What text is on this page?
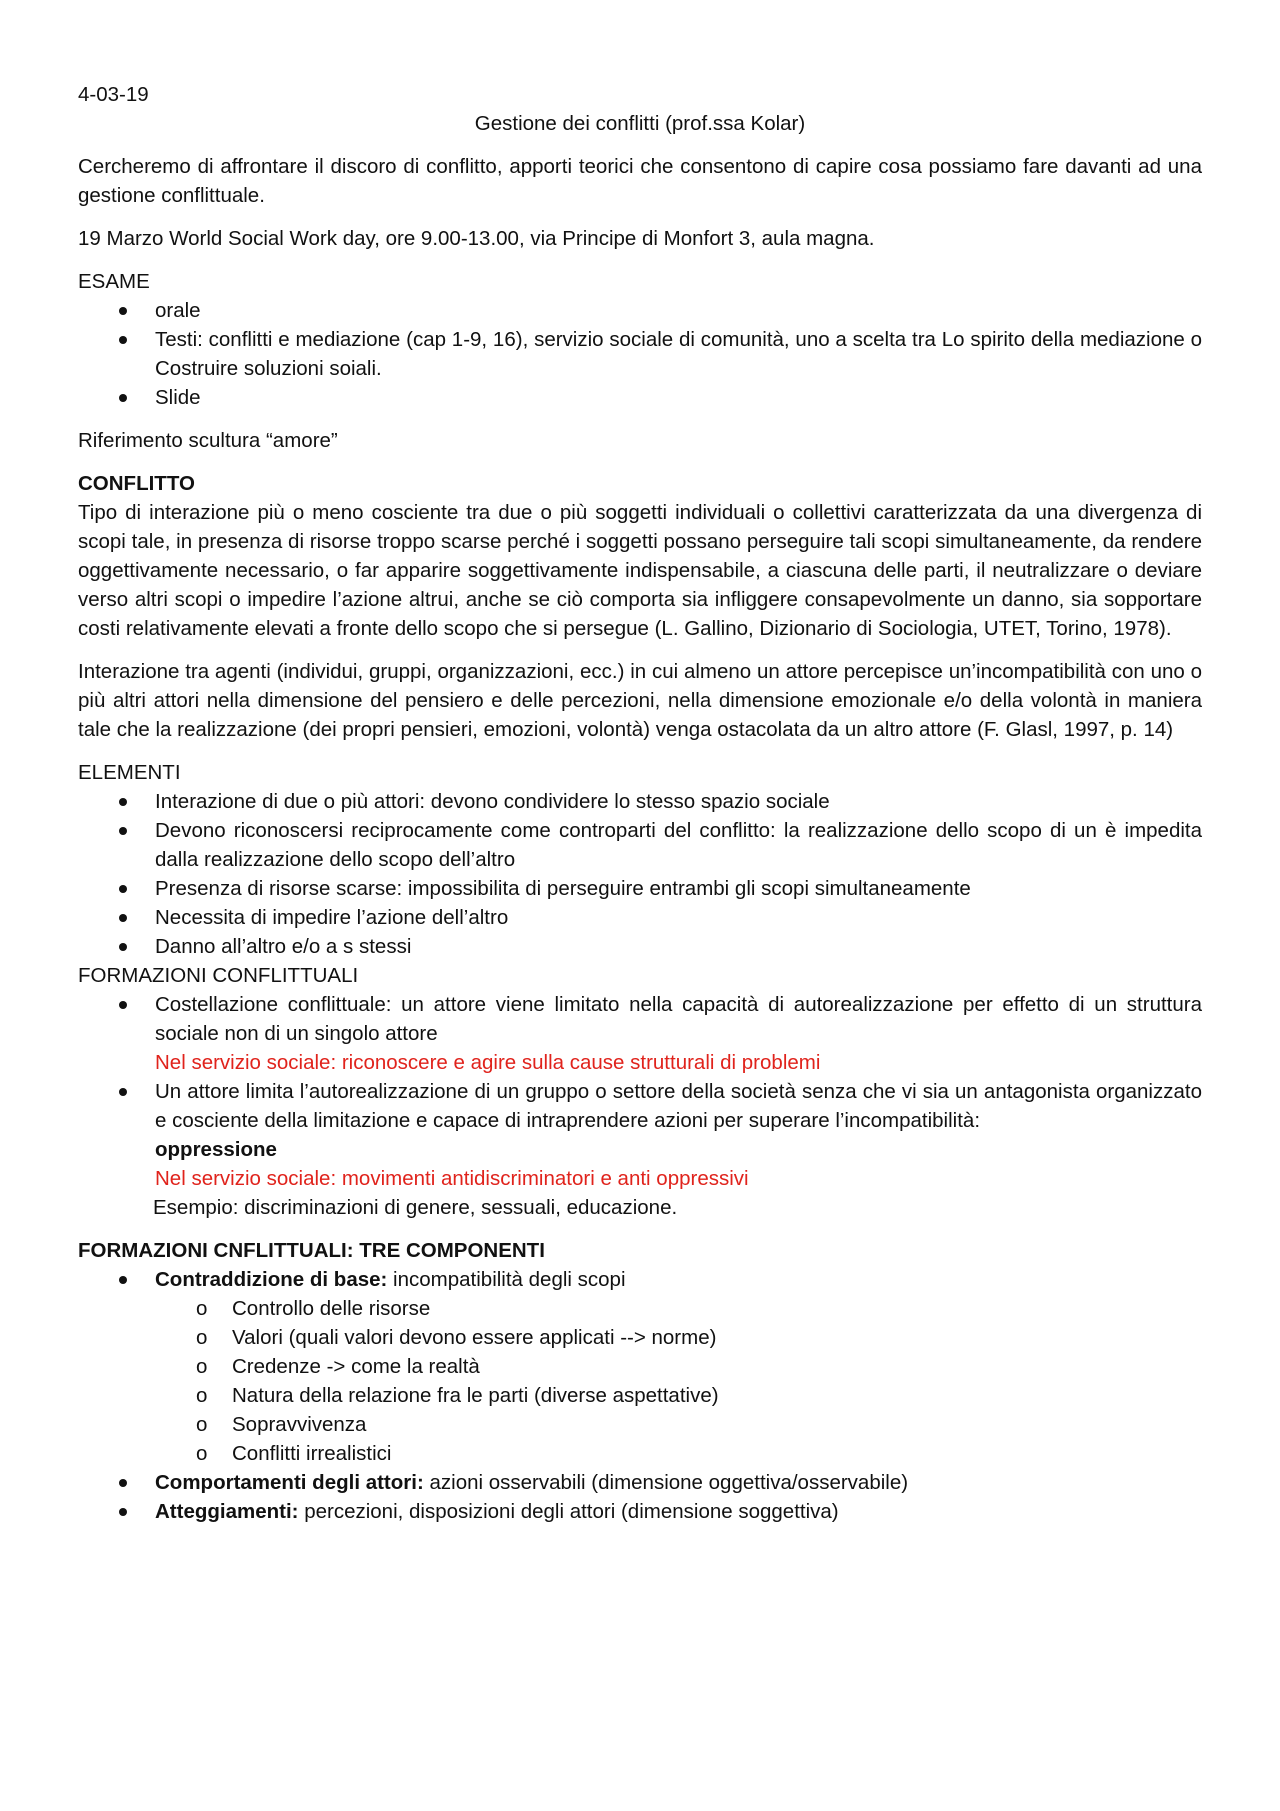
4-03-19

Gestione dei conflitti (prof.ssa Kolar)

Cercheremo di affrontare il discoro di conflitto, apporti teorici che consentono di capire cosa possiamo fare davanti ad una gestione conflittuale.

19 Marzo World Social Work day, ore 9.00-13.00, via Principe di Monfort 3, aula magna.

ESAME

orale
Testi: conflitti e mediazione (cap 1-9, 16), servizio sociale di comunità, uno a scelta tra Lo spirito della mediazione o Costruire soluzioni soiali.
Slide

Riferimento scultura “amore”

CONFLITTO

Tipo di interazione più o meno cosciente tra due o più soggetti individuali o collettivi caratterizzata da una divergenza di scopi tale, in presenza di risorse troppo scarse perché i soggetti possano perseguire tali scopi simultaneamente, da rendere oggettivamente necessario, o far apparire soggettivamente indispensabile, a ciascuna delle parti, il neutralizzare o deviare verso altri scopi o impedire l’azione altrui, anche se ciò comporta sia infliggere consapevolmente un danno, sia sopportare costi relativamente elevati a fronte dello scopo che si persegue (L. Gallino, Dizionario di Sociologia, UTET, Torino, 1978).

Interazione tra agenti (individui, gruppi, organizzazioni, ecc.) in cui almeno un attore percepisce un’incompatibilità con uno o più altri attori nella dimensione del pensiero e delle percezioni, nella dimensione emozionale e/o della volontà in maniera tale che la realizzazione (dei propri pensieri, emozioni, volontà) venga ostacolata da un altro attore (F. Glasl, 1997, p. 14)

ELEMENTI

Interazione di due o più attori: devono condividere lo stesso spazio sociale
Devono riconoscersi reciprocamente come controparti del conflitto: la realizzazione dello scopo di un è impedita dalla realizzazione dello scopo dell’altro
Presenza di risorse scarse: impossibilita di perseguire entrambi gli scopi simultaneamente
Necessita di impedire l’azione dell’altro
Danno all’altro e/o a s stessi

FORMAZIONI CONFLITTUALI

Costellazione conflittuale: un attore viene limitato nella capacità di autorealizzazione per effetto di un struttura sociale non di un singolo attore
Nel servizio sociale: riconoscere e agire sulla cause strutturali di problemi
Un attore limita l’autorealizzazione di un gruppo o settore della società senza che vi sia un antagonista organizzato e cosciente della limitazione e capace di intraprendere azioni per superare l’incompatibilità:
oppressione
Nel servizio sociale: movimenti antidiscriminatori e anti oppressivi

Esempio: discriminazioni di genere, sessuali, educazione.

FORMAZIONI CNFLITTUALI: TRE COMPONENTI

Contraddizione di base: incompatibilità degli scopi
o Controllo delle risorse
o Valori (quali valori devono essere applicati --> norme)
o Credenze -> come la realtà
o Natura della relazione fra le parti (diverse aspettative)
o Sopravvivenza
o Conflitti irrealistici
Comportamenti degli attori: azioni osservabili (dimensione oggettiva/osservabile)
Atteggiamenti: percezioni, disposizioni degli attori (dimensione soggettiva)
